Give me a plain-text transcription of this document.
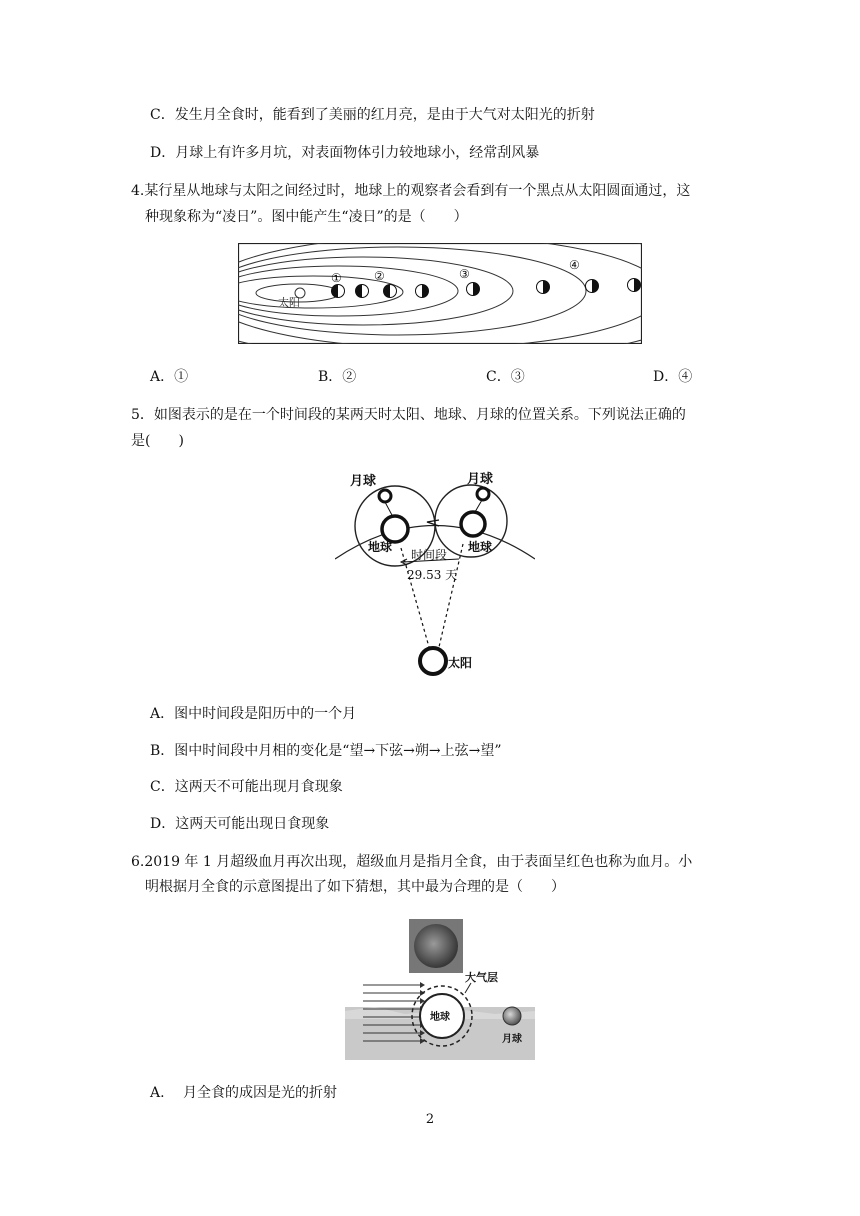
C．发生月全食时，能看到了美丽的红月亮，是由于大气对太阳光的折射
D．月球上有许多月坑，对表面物体引力较地球小，经常刮风暴
4.某行星从地球与太阳之间经过时，地球上的观察者会看到有一个黑点从太阳圆面通过，这
种现象称为“凌日”。图中能产生“凌日”的是（　　）
太阳
①	②	③
④
A．①	B．②	C．③	D．④
5．如图表示的是在一个时间段的某两天时太阳、地球、月球的位置关系。下列说法正确的
是(　　)
月球	月球
地球	地球
时间段
29.53 天
太阳
A．图中时间段是阳历中的一个月
B．图中时间段中月相的变化是“望→下弦→朔→上弦→望”
C．这两天不可能出现月食现象
D．这两天可能出现日食现象
6.2019 年 1 月超级血月再次出现，超级血月是指月全食，由于表面呈红色也称为血月。小
明根据月全食的示意图提出了如下猜想，其中最为合理的是（　　）
大气层
地球
月球
A.　 月全食的成因是光的折射
2
